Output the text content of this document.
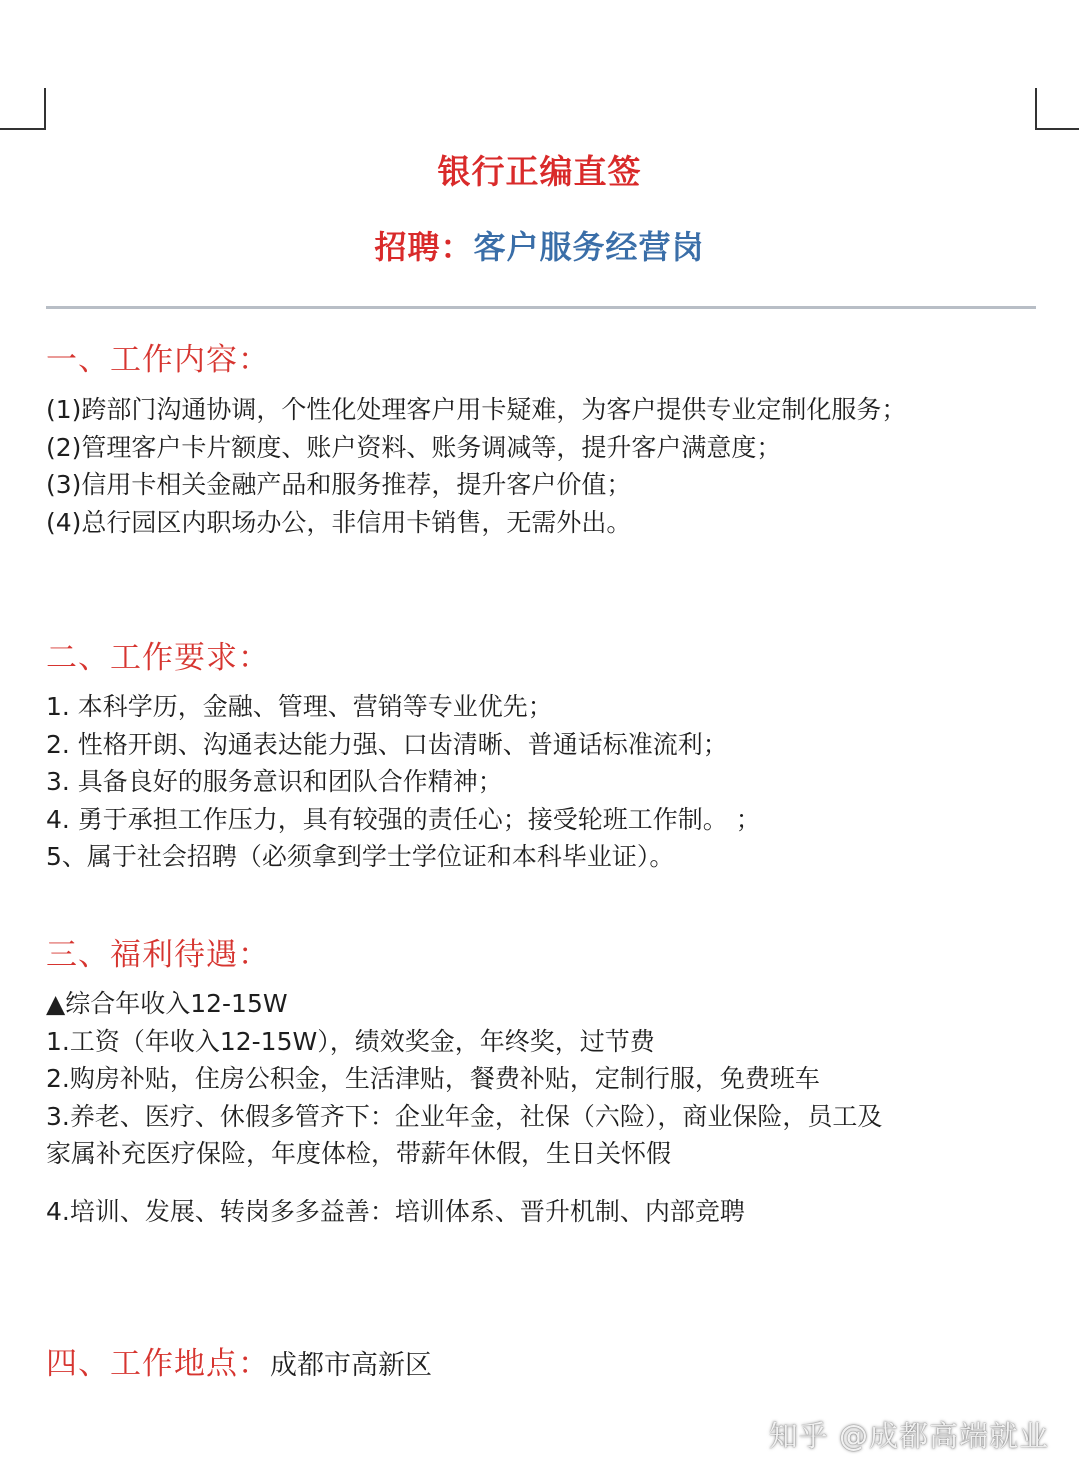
银行正编直签
招聘：客户服务经营岗
一、工作内容：
(1)跨部门沟通协调，个性化处理客户用卡疑难，为客户提供专业定制化服务；
(2)管理客户卡片额度、账户资料、账务调减等，提升客户满意度；
(3)信用卡相关金融产品和服务推荐，提升客户价值；
(4)总行园区内职场办公，非信用卡销售，无需外出。
二、工作要求：
1. 本科学历，金融、管理、营销等专业优先；
2. 性格开朗、沟通表达能力强、口齿清晰、普通话标准流利；
3. 具备良好的服务意识和团队合作精神；
4. 勇于承担工作压力，具有较强的责任心；接受轮班工作制。 ；
5、属于社会招聘（必须拿到学士学位证和本科毕业证）。
三、福利待遇：
▲综合年收入12-15W
1.工资（年收入12-15W），绩效奖金，年终奖，过节费
2.购房补贴，住房公积金，生活津贴，餐费补贴，定制行服，免费班车
3.养老、医疗、休假多管齐下：企业年金，社保（六险），商业保险，员工及
家属补充医疗保险，年度体检，带薪年休假，生日关怀假
4.培训、发展、转岗多多益善：培训体系、晋升机制、内部竞聘
四、工作地点：成都市高新区
知乎 @成都高端就业
